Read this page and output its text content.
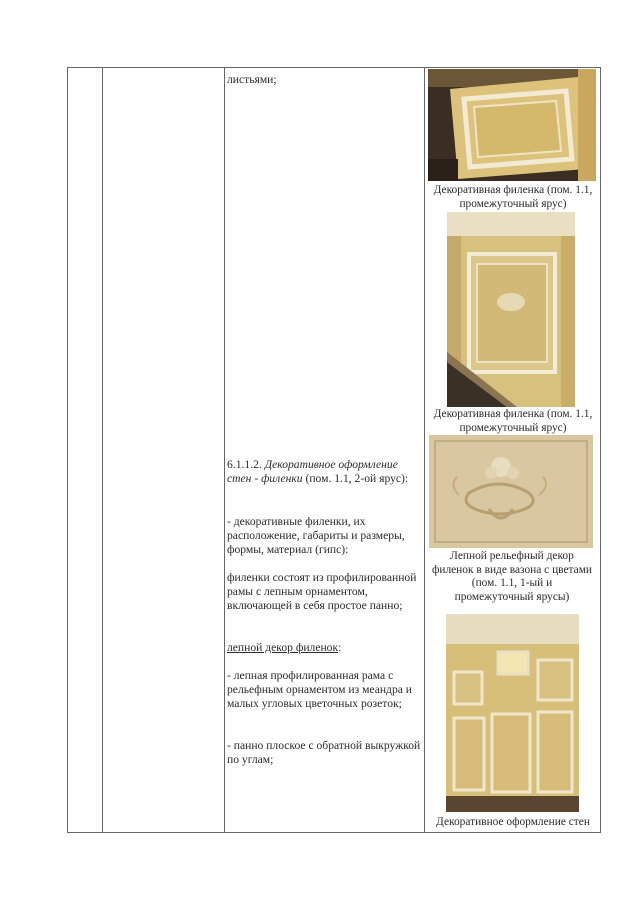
листьями;
6.1.1.2. Декоративное оформление стен - филенки (пом. 1.1, 2-ой ярус):
- декоративные филенки, их расположение, габариты и размеры, формы, материал (гипс):
филенки состоят из профилированной рамы с лепным орнаментом, включающей в себя простое панно;
лепной декор филенок:
- лепная профилированная рама с рельефным орнаментом из меандра и малых угловых цветочных розеток;
- панно плоское с обратной выкружкой по углам;
Декоративная филенка (пом. 1.1, промежуточный ярус)
Декоративная филенка (пом. 1.1, промежуточный ярус)
Лепной рельефный декор филенок в виде вазона с цветами (пом. 1.1, 1-ый и промежуточный ярусы)
Декоративное оформление стен
